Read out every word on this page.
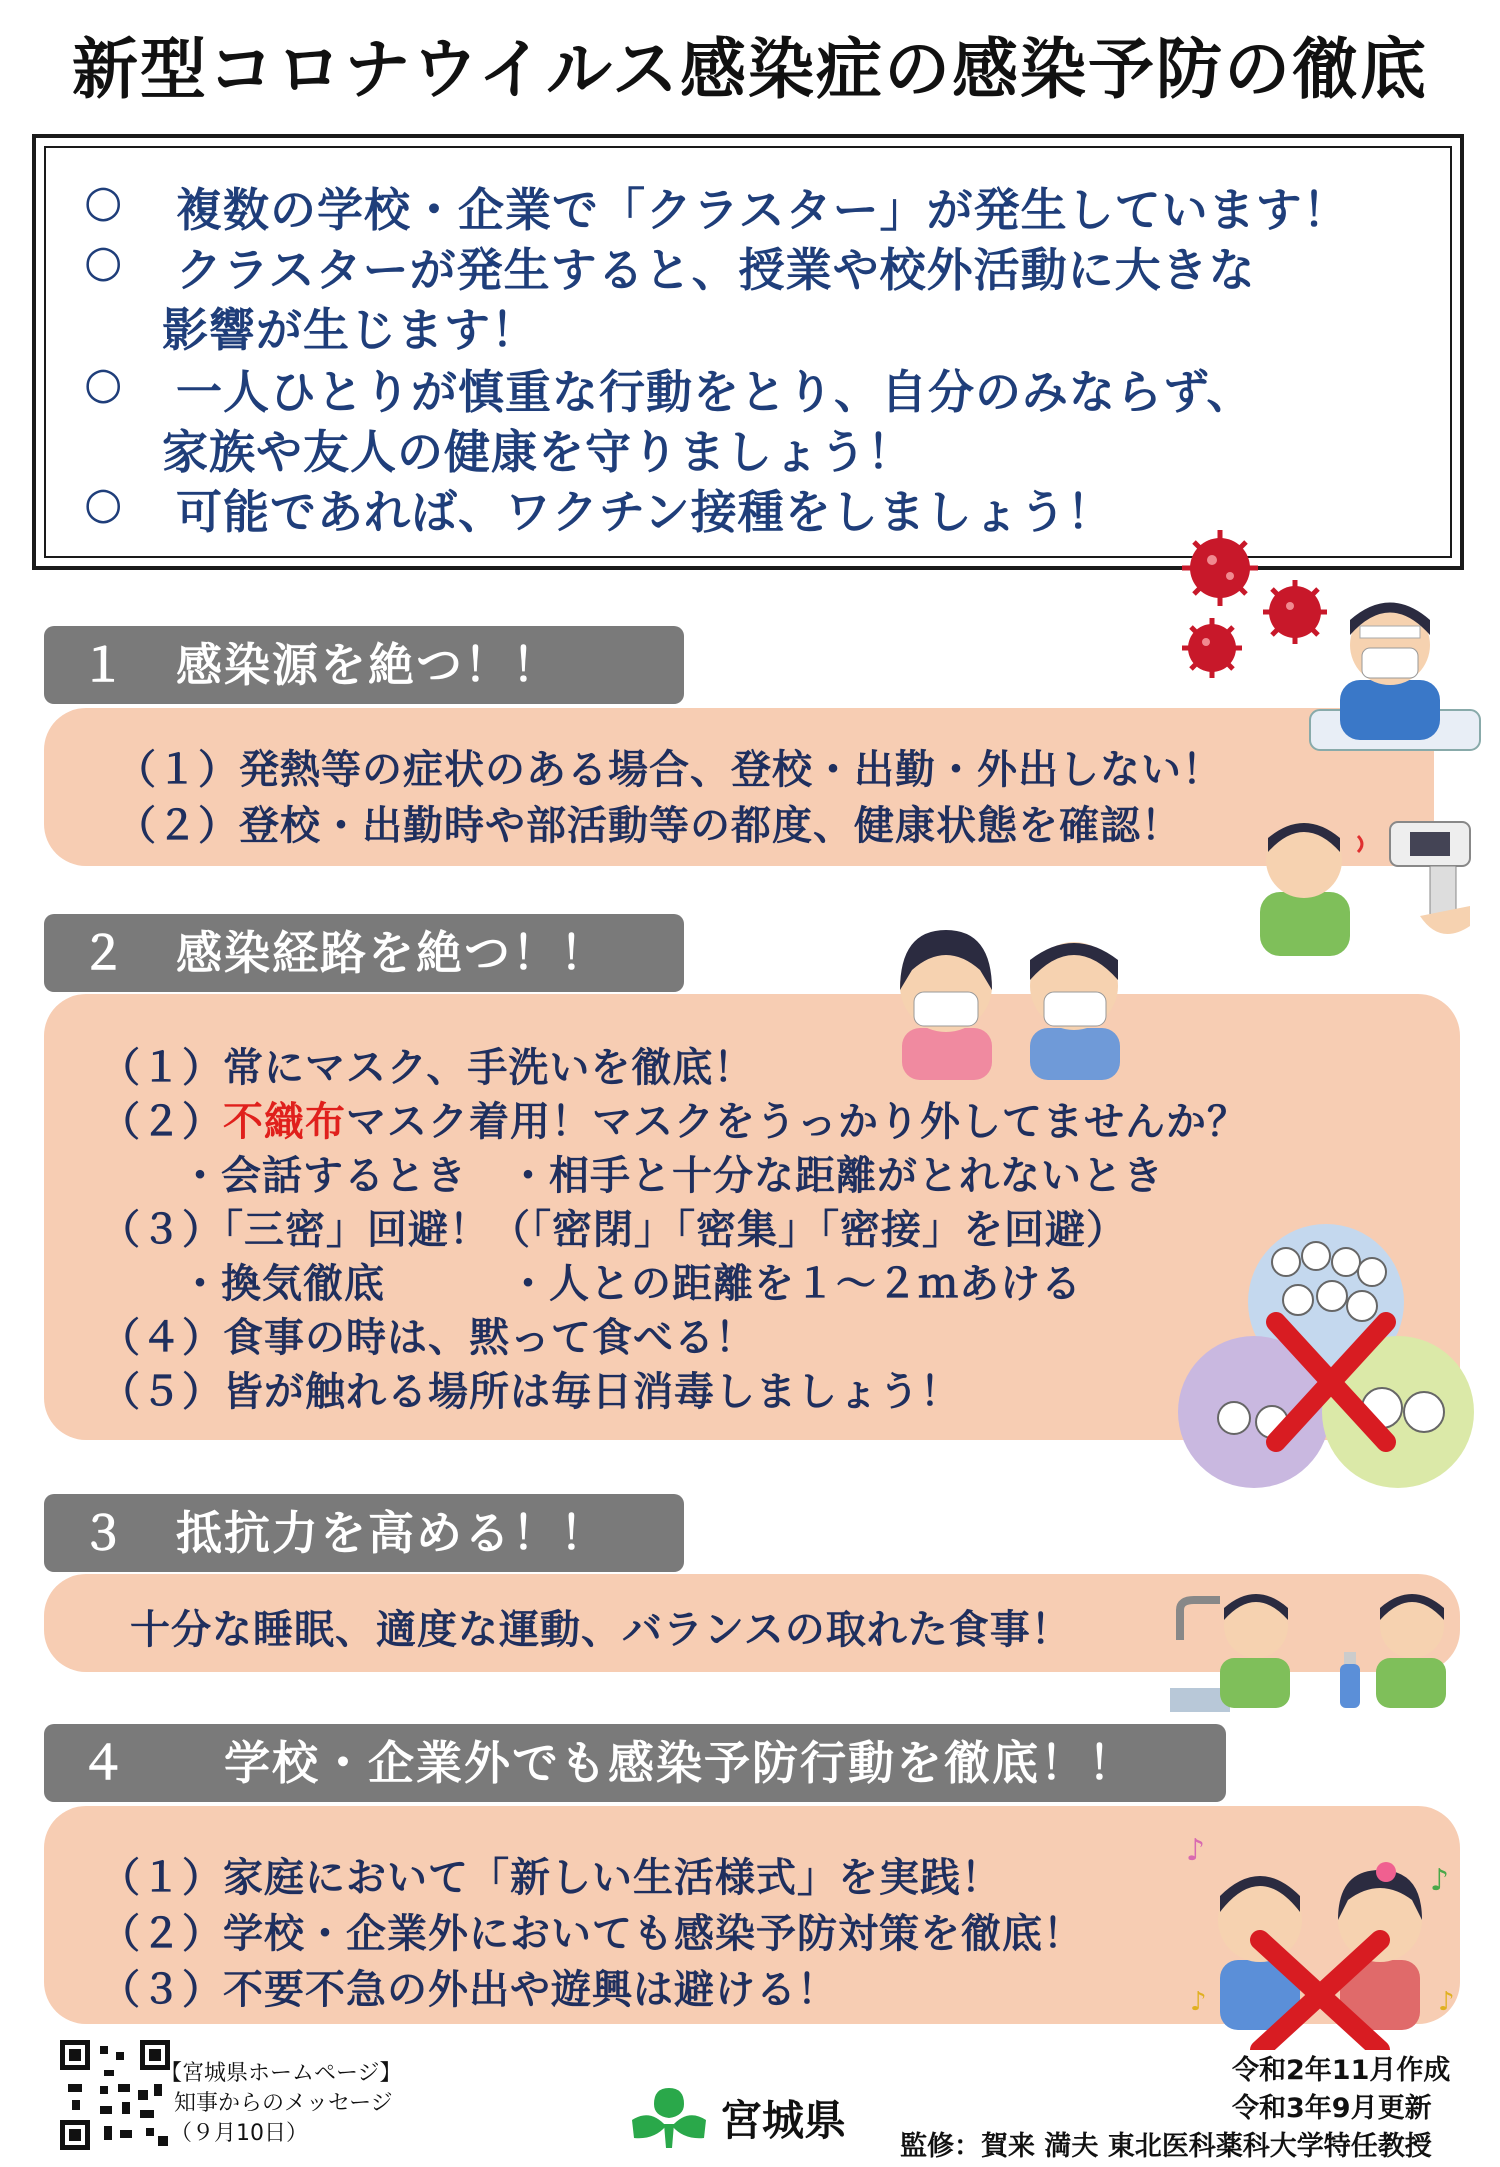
新型コロナウイルス感染症の感染予防の徹底
○ 複数の学校・企業で「クラスター」が発生しています！
○ クラスターが発生すると、授業や校外活動に大きな
影響が生じます！
○ 一人ひとりが慎重な行動をとり、自分のみならず、
家族や友人の健康を守りましょう！
○ 可能であれば、ワクチン接種をしましょう！
１　感染源を絶つ！！
（１）発熱等の症状のある場合、登校・出勤・外出しない！
（２）登校・出勤時や部活動等の都度、健康状態を確認！
２　感染経路を絶つ！！
（１）常にマスク、手洗いを徹底！
（２）不織布マスク着用！マスクをうっかり外してませんか？
・会話するとき　・相手と十分な距離がとれないとき
（３）「三密」回避！（「密閉」「密集」「密接」を回避）
・換気徹底　　　・人との距離を１～２ｍあける
（４）食事の時は、黙って食べる！
（５）皆が触れる場所は毎日消毒しましょう！
３　抵抗力を高める！！
十分な睡眠、適度な運動、バランスの取れた食事！
４　　学校・企業外でも感染予防行動を徹底！！
（１）家庭において「新しい生活様式」を実践！
（２）学校・企業外においても感染予防対策を徹底！
（３）不要不急の外出や遊興は避ける！
♪
♪
♪	♪
【宮城県ホームページ】
知事からのメッセージ
（９月10日）	宮城県
令和2年11月作成
令和3年9月更新
監修：賀来 満夫 東北医科薬科大学特任教授
